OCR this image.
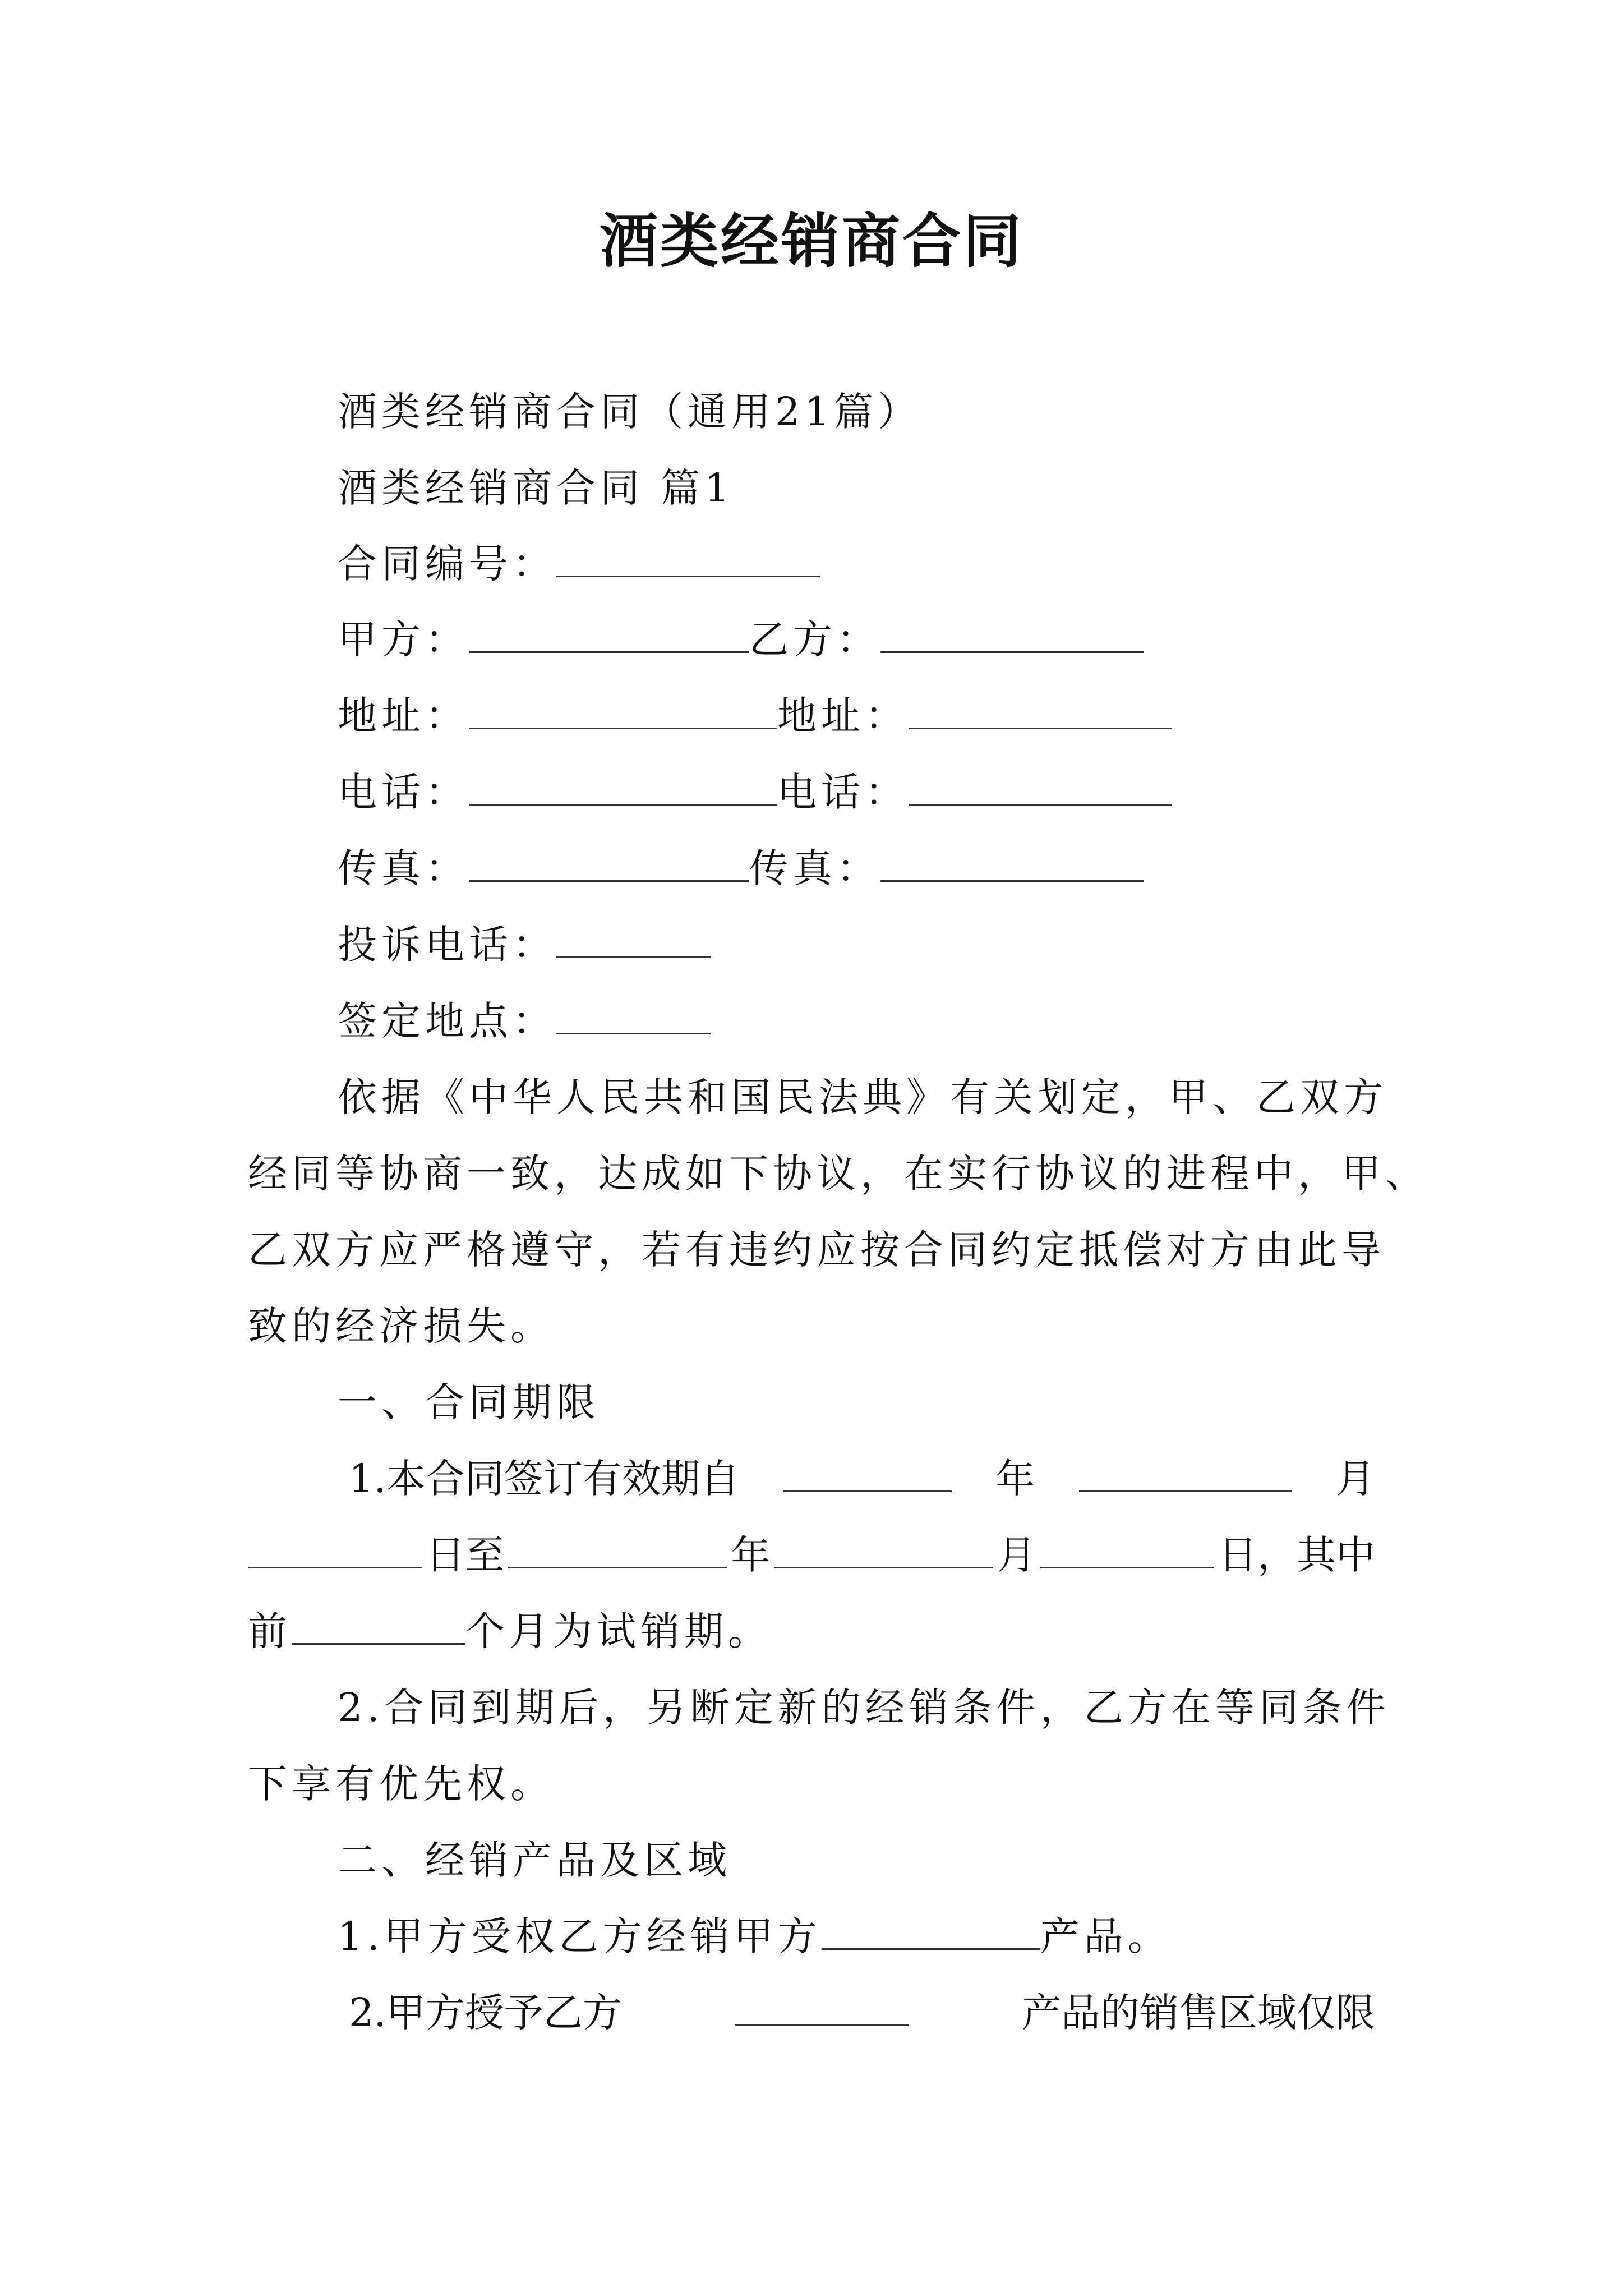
酒类经销商合同
酒类经销商合同（通用21篇）
酒类经销商合同 篇1
合同编号：
甲方：	乙方：
地址：	地址：
电话：	电话：
传真：	传真：
投诉电话：
签定地点：
依据《中华人民共和国民法典》有关划定，甲、乙双方
经同等协商一致，达成如下协议，在实行协议的进程中，甲、
乙双方应严格遵守，若有违约应按合同约定抵偿对方由此导
致的经济损失。
一、合同期限
1.本合同签订有效期自	年	月
日至	年	月	日，其中
前	个月为试销期。
2.合同到期后，另断定新的经销条件，乙方在等同条件
下享有优先权。
二、经销产品及区域
1.甲方受权乙方经销甲方	产品。
2.甲方授予乙方	产品的销售区域仅限
